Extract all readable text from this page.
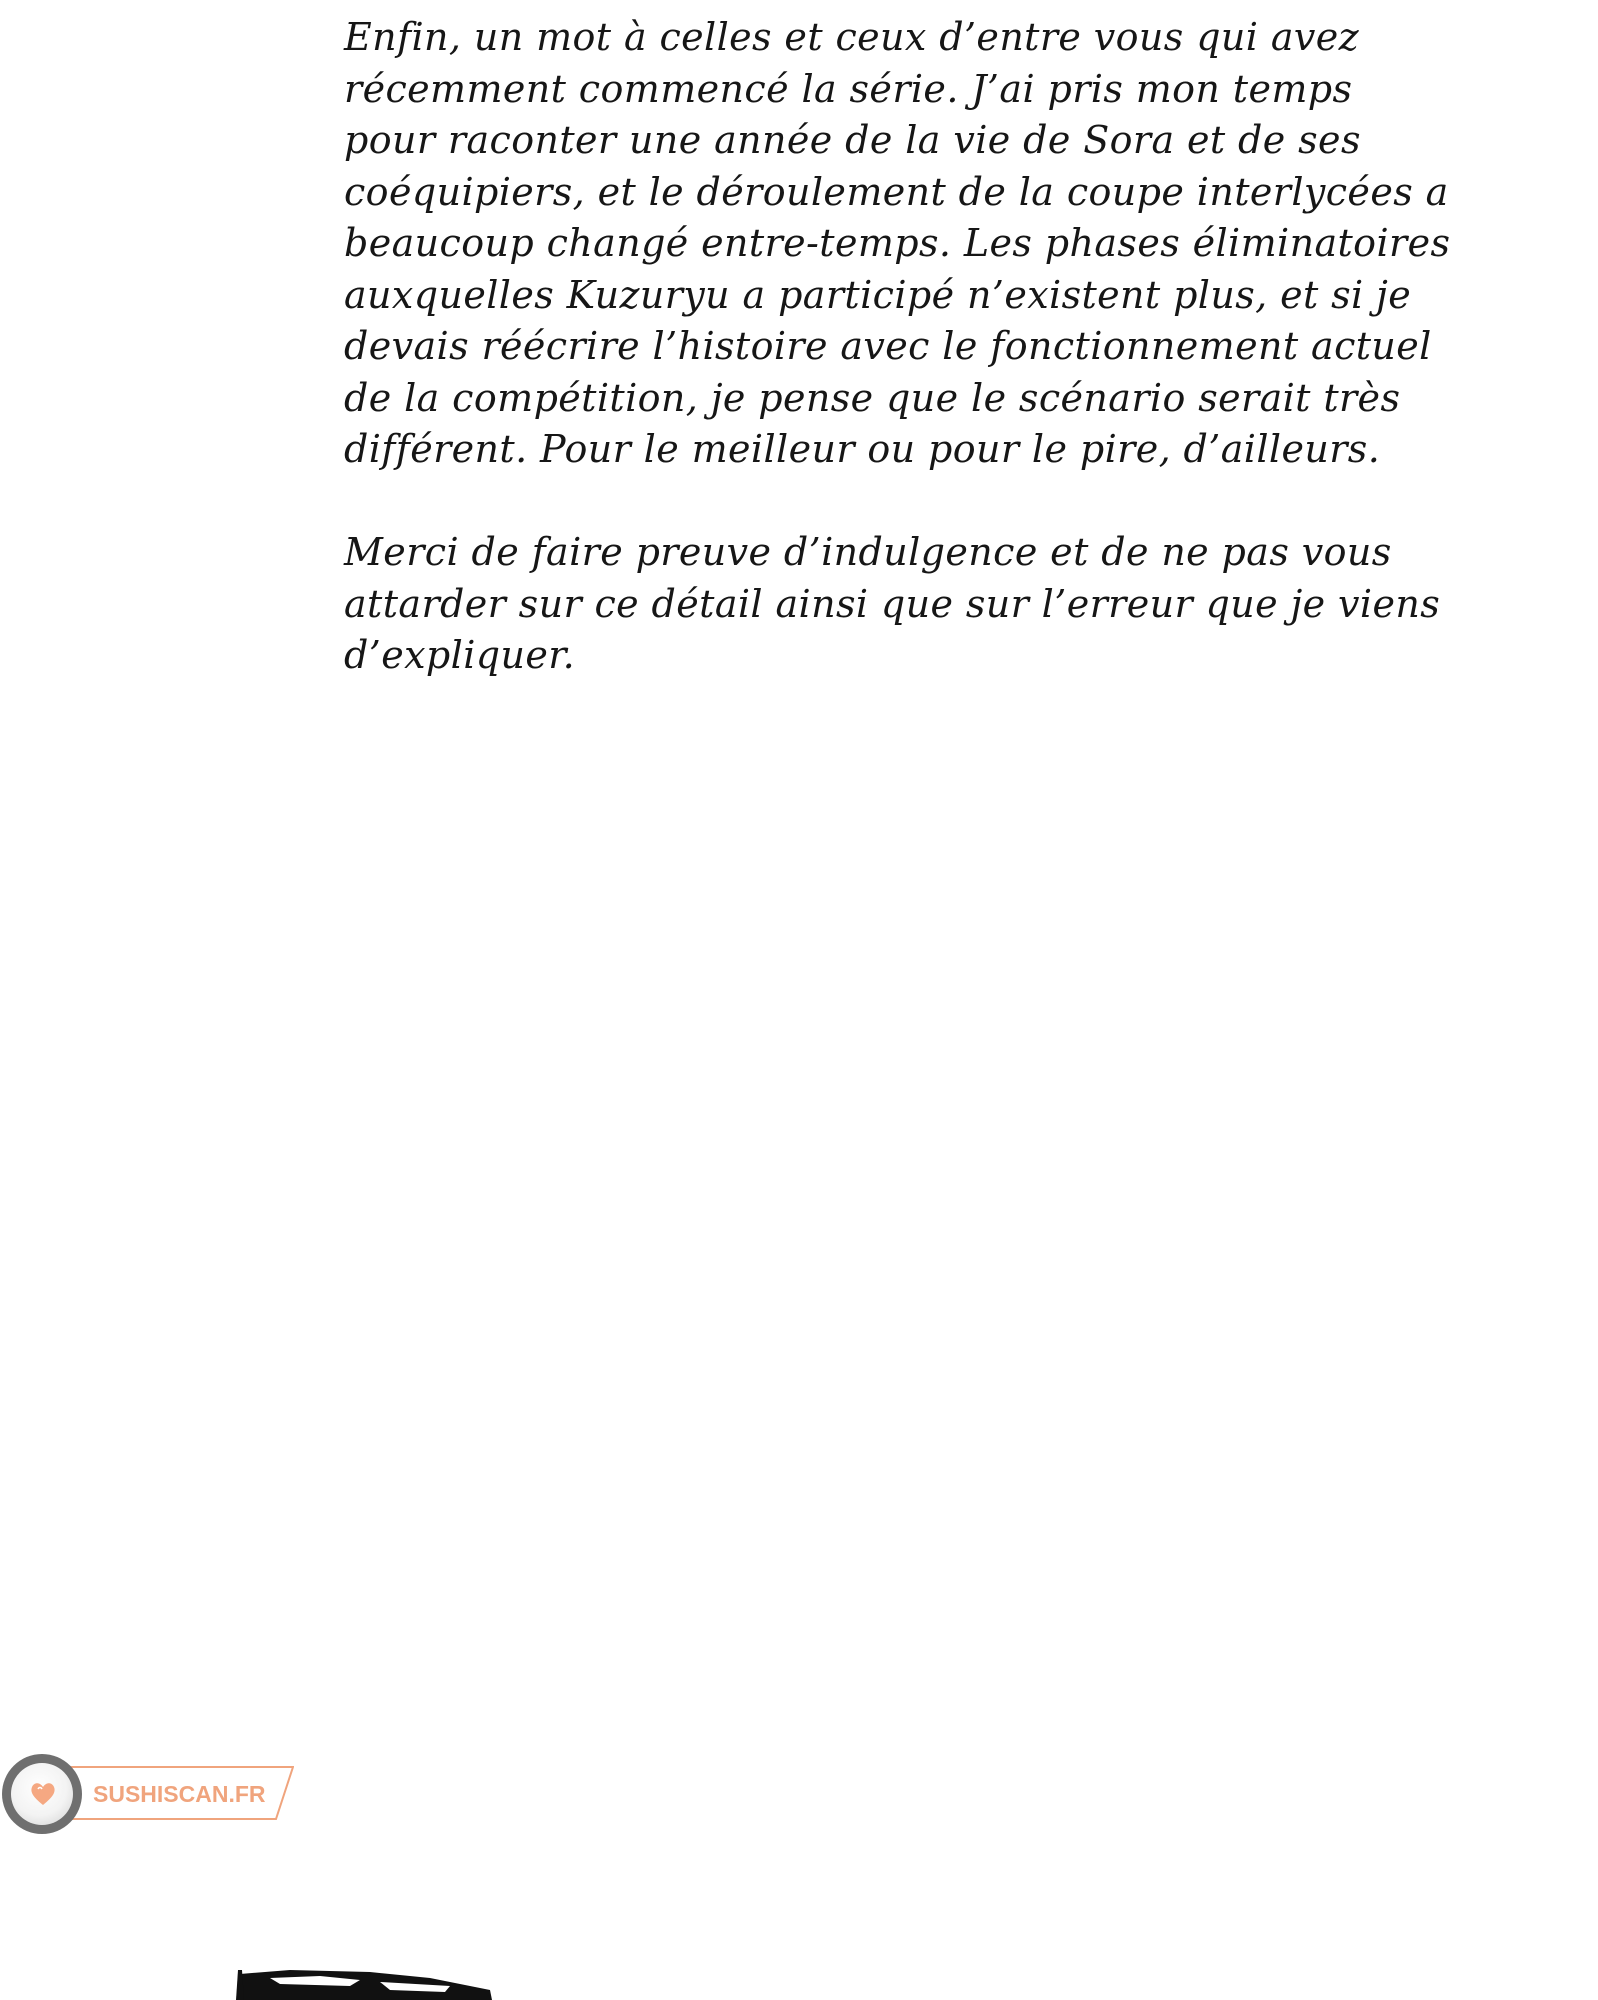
Enfin, un mot à celles et ceux d’entre vous qui avez
récemment commencé la série. J’ai pris mon temps
pour raconter une année de la vie de Sora et de ses
coéquipiers, et le déroulement de la coupe interlycées a
beaucoup changé entre-temps. Les phases éliminatoires
auxquelles Kuzuryu a participé n’existent plus, et si je
devais réécrire l’histoire avec le fonctionnement actuel
de la compétition, je pense que le scénario serait très
différent. Pour le meilleur ou pour le pire, d’ailleurs.
Merci de faire preuve d’indulgence et de ne pas vous
attarder sur ce détail ainsi que sur l’erreur que je viens
d’expliquer.
SUSHISCAN.FR
